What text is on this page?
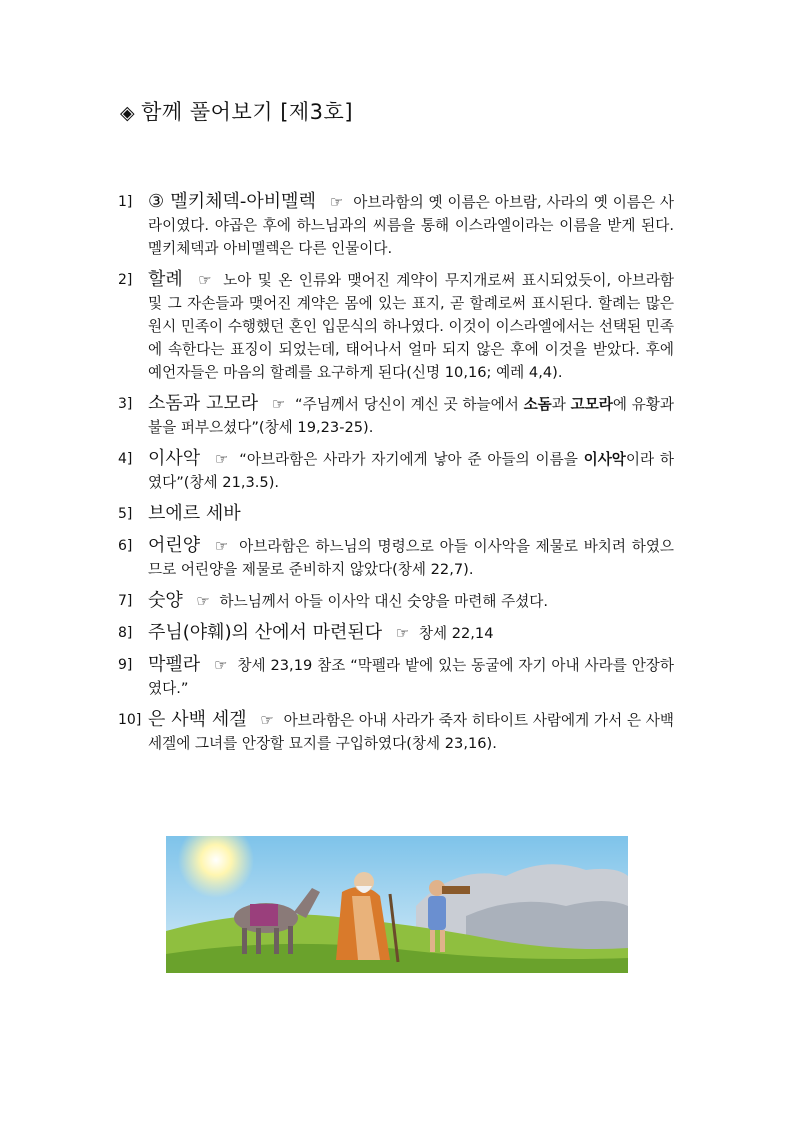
◈ 함께 풀어보기 [제3호]
1] ③ 멜키체덱-아비멜렉 ☞ 아브라함의 옛 이름은 아브람, 사라의 옛 이름은 사라이였다. 야곱은 후에 하느님과의 씨름을 통해 이스라엘이라는 이름을 받게 된다. 멜키체덱과 아비멜렉은 다른 인물이다.
2] 할례 ☞ 노아 및 온 인류와 맺어진 계약이 무지개로써 표시되었듯이, 아브라함 및 그 자손들과 맺어진 계약은 몸에 있는 표지, 곧 할례로써 표시된다. 할례는 많은 원시 민족이 수행했던 혼인 입문식의 하나였다. 이것이 이스라엘에서는 선택된 민족에 속한다는 표징이 되었는데, 태어나서 얼마 되지 않은 후에 이것을 받았다. 후에 예언자들은 마음의 할례를 요구하게 된다(신명 10,16; 예레 4,4).
3] 소돔과 고모라 ☞ “주님께서 당신이 계신 곳 하늘에서 소돔과 고모라에 유황과 불을 퍼부으셨다”(창세 19,23-25).
4] 이사악 ☞ “아브라함은 사라가 자기에게 낳아 준 아들의 이름을 이사악이라 하였다”(창세 21,3.5).
5] 브에르 세바
6] 어린양 ☞ 아브라함은 하느님의 명령으로 아들 이사악을 제물로 바치려 하였으므로 어린양을 제물로 준비하지 않았다(창세 22,7).
7] 숫양 ☞ 하느님께서 아들 이사악 대신 숫양을 마련해 주셨다.
8] 주님(야훼)의 산에서 마련된다 ☞ 창세 22,14
9] 막펠라 ☞ 창세 23,19 참조 “막펠라 밭에 있는 동굴에 자기 아내 사라를 안장하였다.”
10] 은 사백 세겔 ☞ 아브라함은 아내 사라가 죽자 히타이트 사람에게 가서 은 사백 세겔에 그녀를 안장할 묘지를 구입하였다(창세 23,16).
